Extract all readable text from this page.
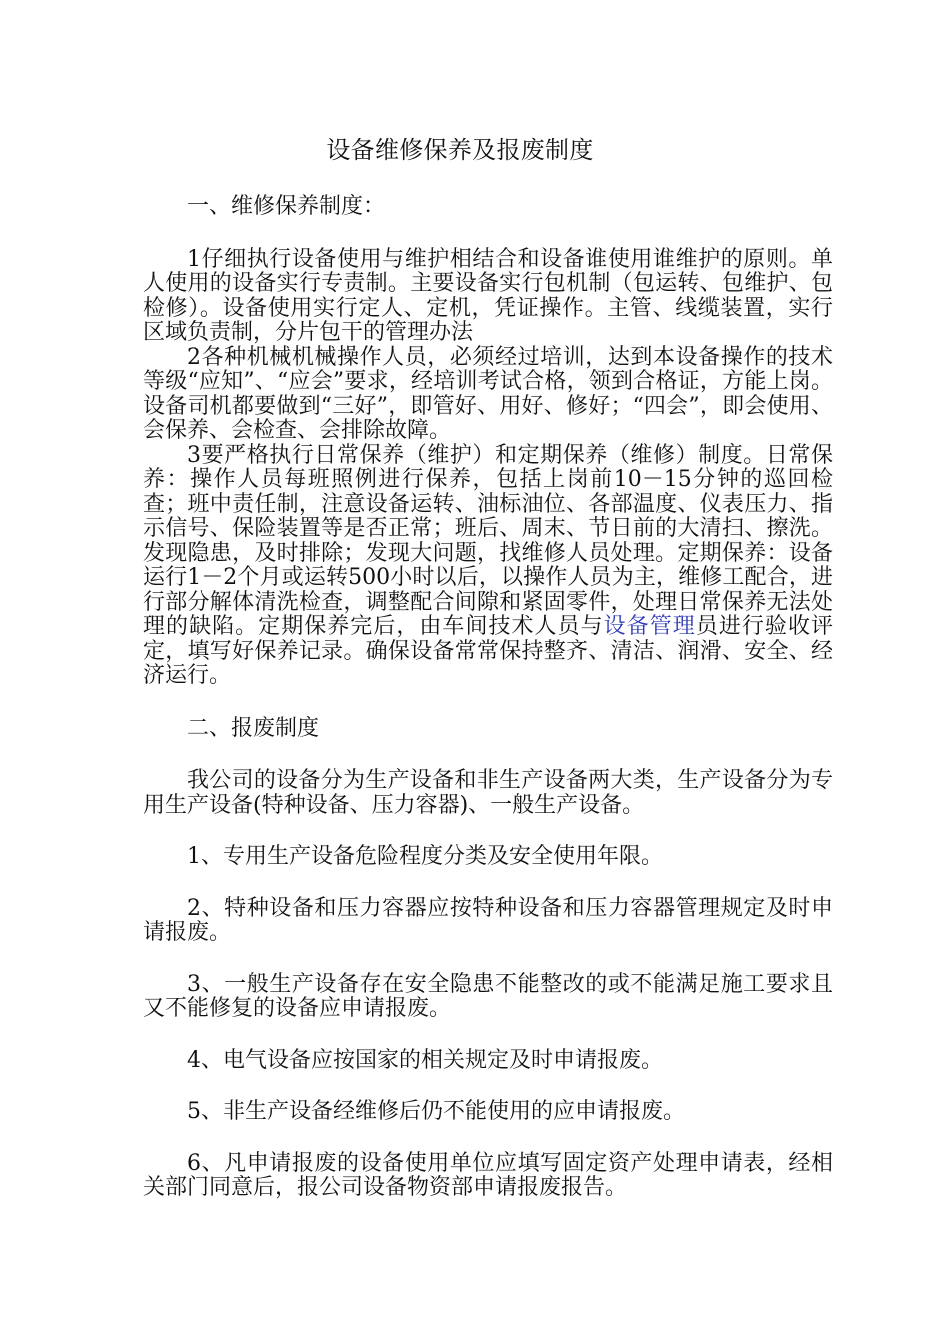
设备维修保养及报废制度

一、维修保养制度：

1仔细执行设备使用与维护相结合和设备谁使用谁维护的原则。单人使用的设备实行专责制。主要设备实行包机制（包运转、包维护、包检修）。设备使用实行定人、定机，凭证操作。主管、线缆装置，实行区域负责制，分片包干的管理办法

2各种机械机械操作人员，必须经过培训，达到本设备操作的技术等级“应知”、“应会”要求，经培训考试合格，领到合格证，方能上岗。设备司机都要做到“三好”，即管好、用好、修好；“四会”，即会使用、会保养、会检查、会排除故障。

3要严格执行日常保养（维护）和定期保养（维修）制度。日常保养：操作人员每班照例进行保养，包括上岗前10－15分钟的巡回检查；班中责任制，注意设备运转、油标油位、各部温度、仪表压力、指示信号、保险装置等是否正常；班后、周末、节日前的大清扫、擦洗。发现隐患，及时排除；发现大问题，找维修人员处理。定期保养：设备运行1－2个月或运转500小时以后，以操作人员为主，维修工配合，进行部分解体清洗检查，调整配合间隙和紧固零件，处理日常保养无法处理的缺陷。定期保养完后，由车间技术人员与设备管理员进行验收评定，填写好保养记录。确保设备常常保持整齐、清洁、润滑、安全、经济运行。

二、报废制度

我公司的设备分为生产设备和非生产设备两大类，生产设备分为专用生产设备(特种设备、压力容器)、一般生产设备。

1、专用生产设备危险程度分类及安全使用年限。

2、特种设备和压力容器应按特种设备和压力容器管理规定及时申请报废。

3、一般生产设备存在安全隐患不能整改的或不能满足施工要求且又不能修复的设备应申请报废。

4、电气设备应按国家的相关规定及时申请报废。

5、非生产设备经维修后仍不能使用的应申请报废。

6、凡申请报废的设备使用单位应填写固定资产处理申请表，经相关部门同意后，报公司设备物资部申请报废报告。
